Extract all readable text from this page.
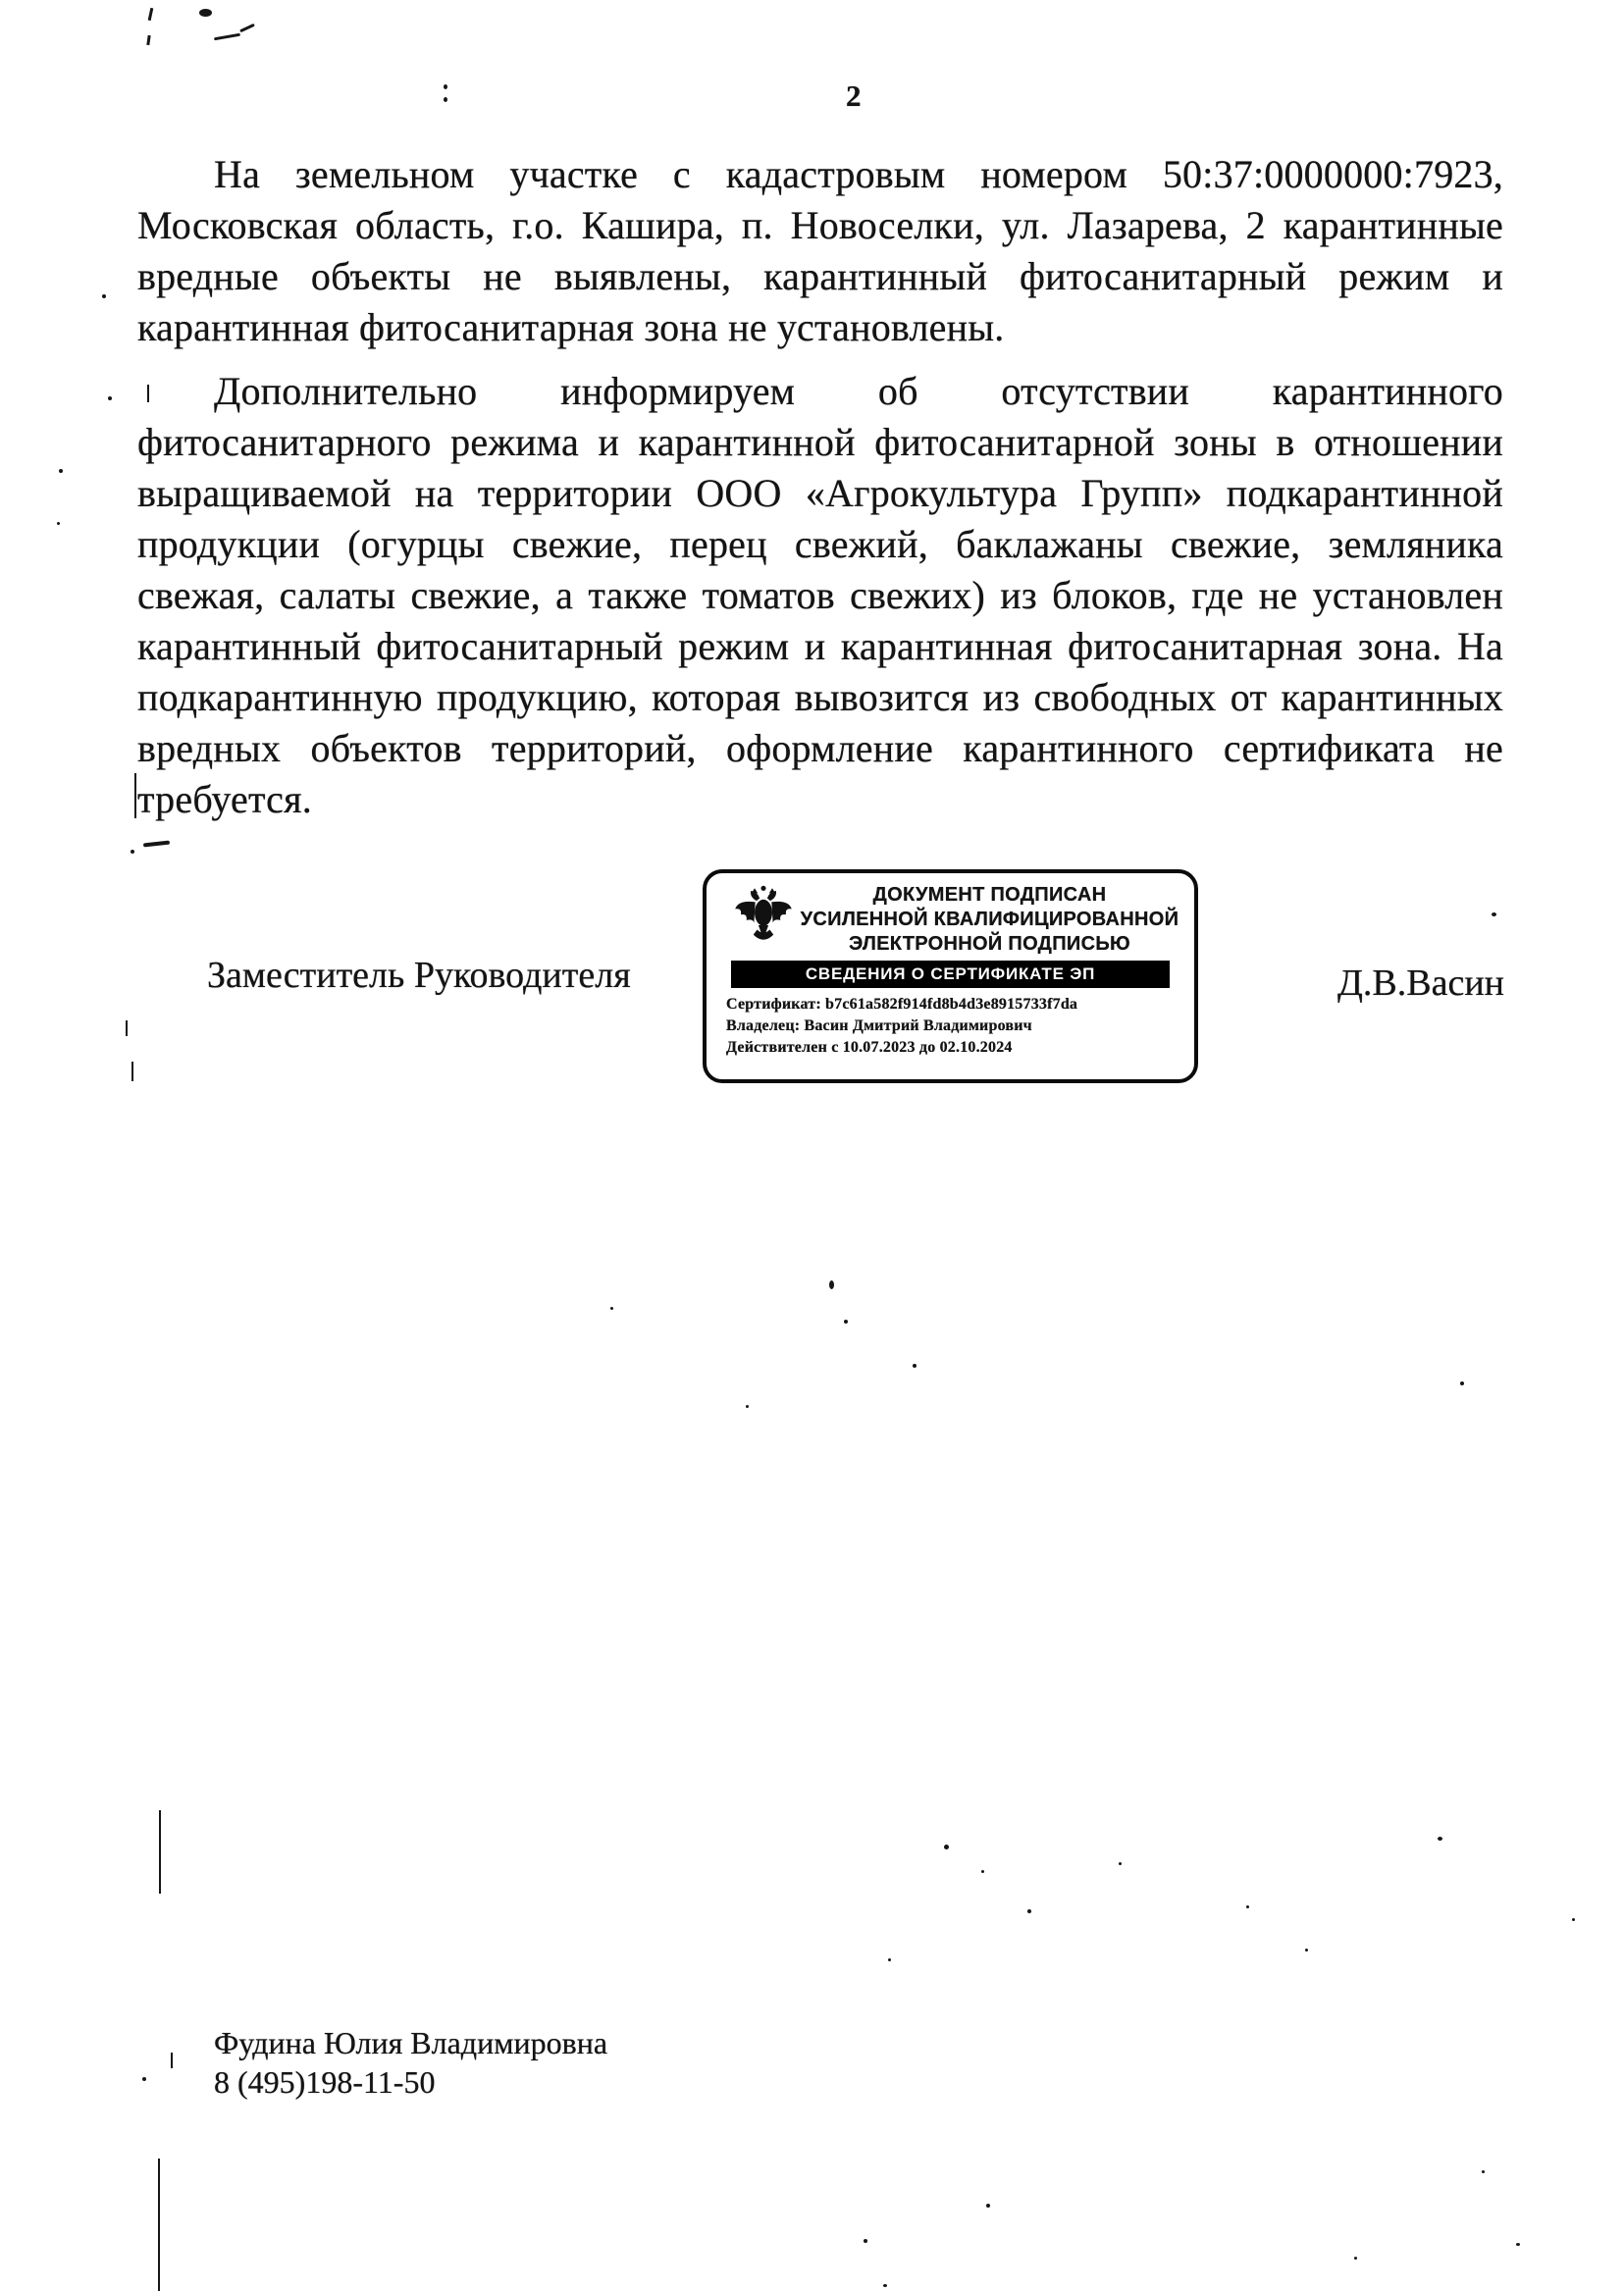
2

На земельном участке с кадастровым номером 50:37:0000000:7923, Московская область, г.о. Кашира, п. Новоселки, ул. Лазарева, 2 карантинные вредные объекты не выявлены, карантинный фитосанитарный режим и карантинная фитосанитарная зона не установлены.

Дополнительно информируем об отсутствии карантинного фитосанитарного режима и карантинной фитосанитарной зоны в отношении выращиваемой на территории ООО «Агрокультура Групп» подкарантинной продукции (огурцы свежие, перец свежий, баклажаны свежие, земляника свежая, салаты свежие, а также томатов свежих) из блоков, где не установлен карантинный фитосанитарный режим и карантинная фитосанитарная зона. На подкарантинную продукцию, которая вывозится из свободных от карантинных вредных объектов территорий, оформление карантинного сертификата не требуется.

Заместитель Руководителя	Д.В.Васин
ДОКУМЕНТ ПОДПИСАН
УСИЛЕННОЙ КВАЛИФИЦИРОВАННОЙ
ЭЛЕКТРОННОЙ ПОДПИСЬЮ
СВЕДЕНИЯ О СЕРТИФИКАТЕ ЭП
Сертификат: b7c61a582f914fd8b4d3e8915733f7da
Владелец: Васин Дмитрий Владимирович
Действителен с 10.07.2023 до 02.10.2024
Фудина Юлия Владимировна
8 (495)198-11-50
